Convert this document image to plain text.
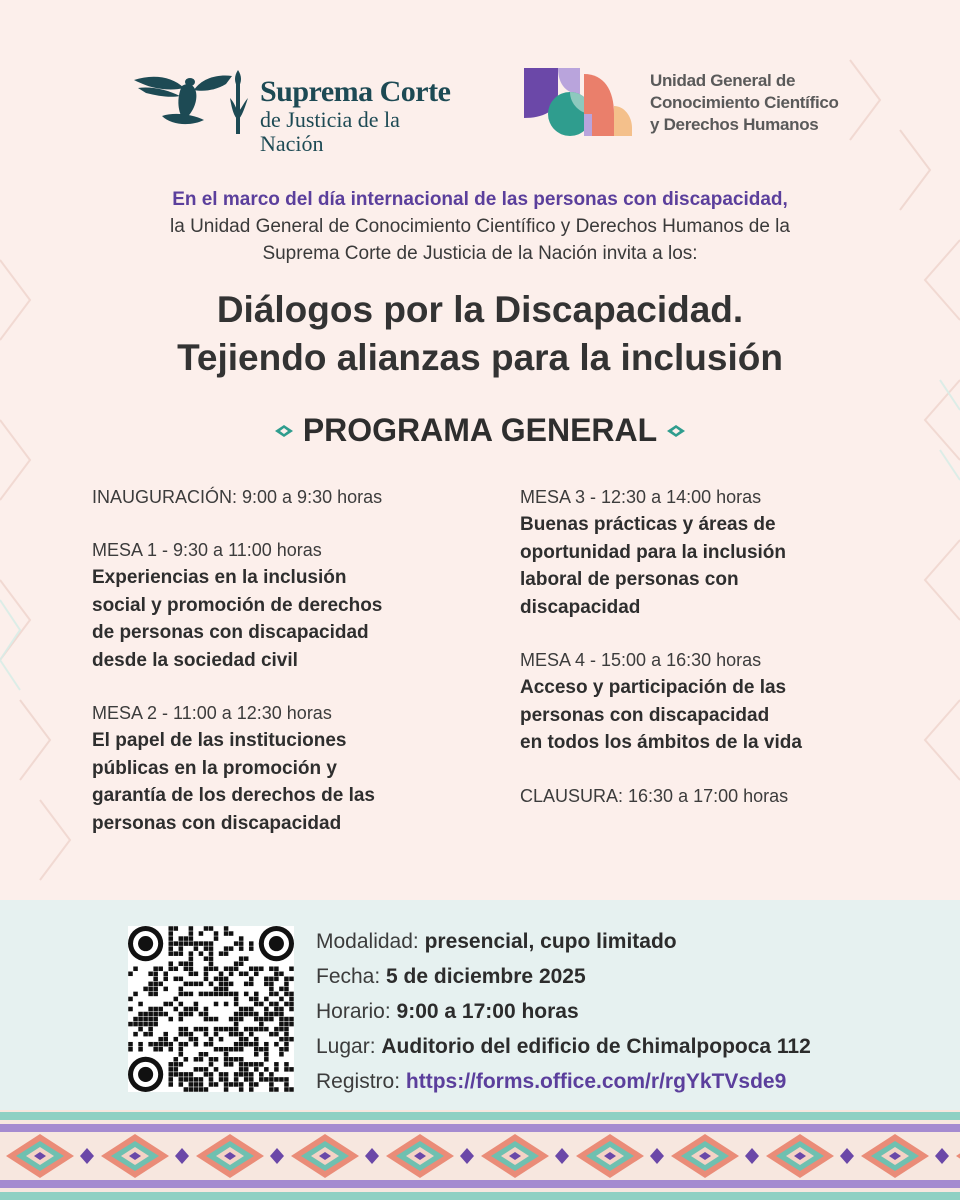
Suprema Corte
de Justicia de la Nación
Unidad General de
Conocimiento Científico
y Derechos Humanos
En el marco del día internacional de las personas con discapacidad,
la Unidad General de Conocimiento Científico y Derechos Humanos de la
Suprema Corte de Justicia de la Nación invita a los:
Diálogos por la Discapacidad.
Tejiendo alianzas para la inclusión
PROGRAMA GENERAL
INAUGURACIÓN: 9:00 a 9:30 horas
MESA 1 - 9:30 a 11:00 horas
Experiencias en la inclusión
social y promoción de derechos
de personas con discapacidad
desde la sociedad civil
MESA 2 - 11:00 a 12:30 horas
El papel de las instituciones
públicas en la promoción y
garantía de los derechos de las
personas con discapacidad
MESA 3 - 12:30 a 14:00 horas
Buenas prácticas y áreas de
oportunidad para la inclusión
laboral de personas con
discapacidad
MESA 4 - 15:00 a 16:30 horas
Acceso y participación de las
personas con discapacidad
en todos los ámbitos de la vida
CLAUSURA: 16:30 a 17:00 horas
Modalidad: presencial, cupo limitado
Fecha: 5 de diciembre 2025
Horario: 9:00 a 17:00 horas
Lugar: Auditorio del edificio de Chimalpopoca 112
Registro: https://forms.office.com/r/rgYkTVsde9
